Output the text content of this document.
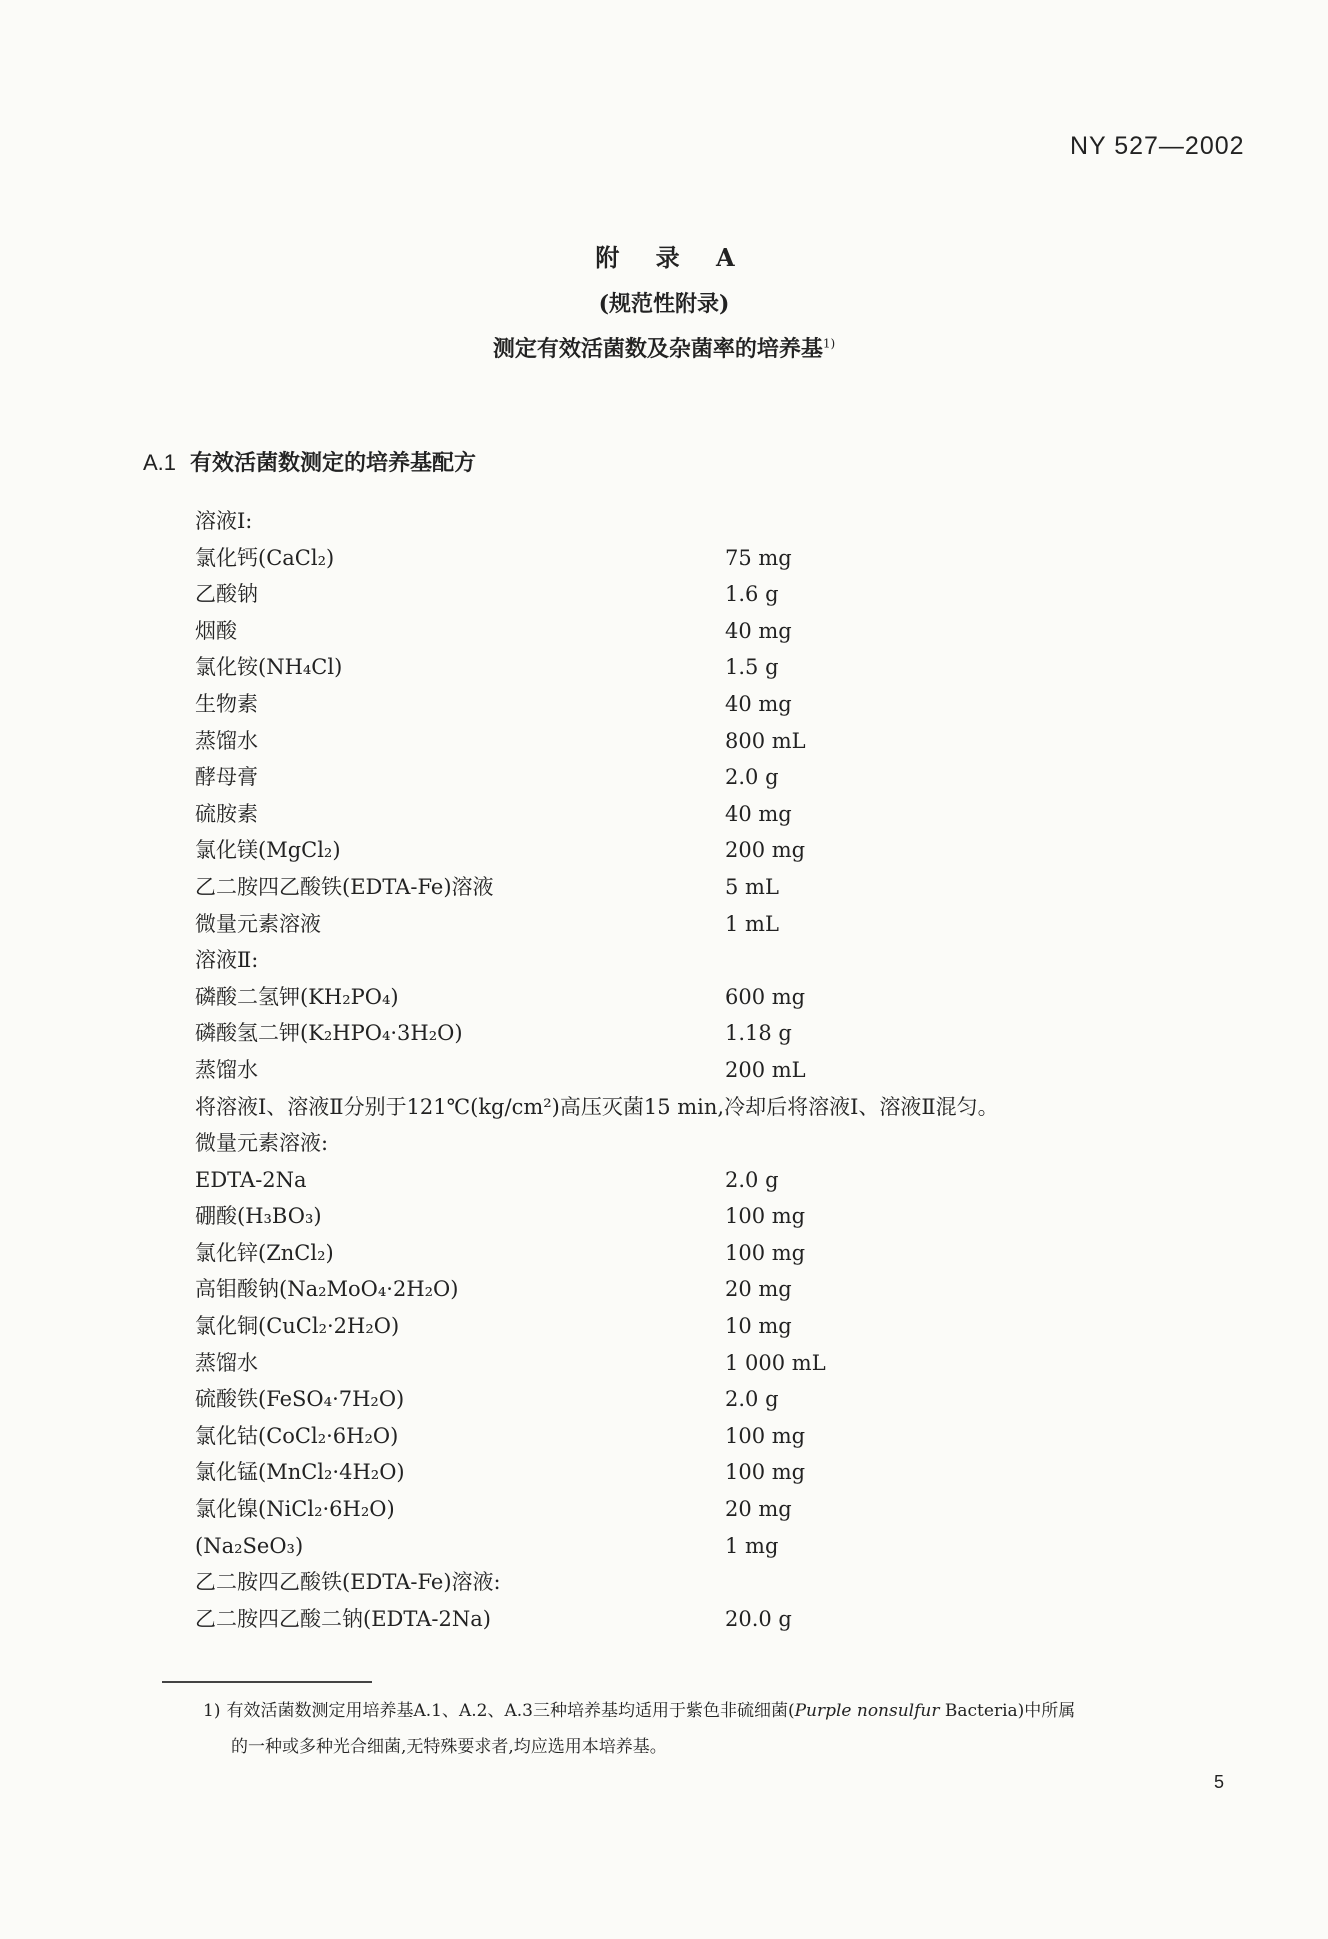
NY 527—2002
附 录 A
(规范性附录)
测定有效活菌数及杂菌率的培养基$^{1)}$
A.1 有效活菌数测定的培养基配方
溶液Ⅰ:
氯化钙(CaCl₂)	75 mg
乙酸钠	1.6 g
烟酸	40 mg
氯化铵(NH₄Cl)	1.5 g
生物素	40 mg
蒸馏水	800 mL
酵母膏	2.0 g
硫胺素	40 mg
氯化镁(MgCl₂)	200 mg
乙二胺四乙酸铁(EDTA-Fe)溶液	5 mL
微量元素溶液	1 mL
溶液Ⅱ:
磷酸二氢钾(KH₂PO₄)	600 mg
磷酸氢二钾(K₂HPO₄·3H₂O)	1.18 g
蒸馏水	200 mL
将溶液Ⅰ、溶液Ⅱ分别于121℃(kg/cm²)高压灭菌15 min,冷却后将溶液Ⅰ、溶液Ⅱ混匀。
微量元素溶液:
EDTA-2Na	2.0 g
硼酸(H₃BO₃)	100 mg
氯化锌(ZnCl₂)	100 mg
高钼酸钠(Na₂MoO₄·2H₂O)	20 mg
氯化铜(CuCl₂·2H₂O)	10 mg
蒸馏水	1 000 mL
硫酸铁(FeSO₄·7H₂O)	2.0 g
氯化钴(CoCl₂·6H₂O)	100 mg
氯化锰(MnCl₂·4H₂O)	100 mg
氯化镍(NiCl₂·6H₂O)	20 mg
(Na₂SeO₃)	1 mg
乙二胺四乙酸铁(EDTA-Fe)溶液:
乙二胺四乙酸二钠(EDTA-2Na)	20.0 g
1) 有效活菌数测定用培养基A.1、A.2、A.3三种培养基均适用于紫色非硫细菌(Purple nonsulfur Bacteria)中所属
的一种或多种光合细菌,无特殊要求者,均应选用本培养基。
5
